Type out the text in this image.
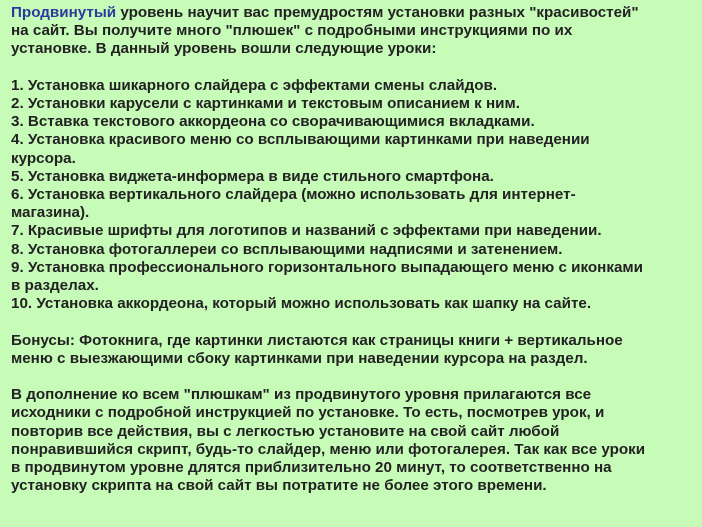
Продвинутый уровень научит вас премудростям установки разных "красивостей"

на сайт. Вы получите много "плюшек" с подробными инструкциями по их

установке. В данный уровень вошли следующие уроки:

1. Установка шикарного слайдера с эффектами смены слайдов.

2. Установки карусели с картинками и текстовым описанием к ним.

3. Вставка текстового аккордеона со сворачивающимися вкладками.

4. Установка красивого меню со всплывающими картинками при наведении

курсора.

5. Установка виджета-информера в виде стильного смартфона.

6. Установка вертикального слайдера (можно использовать для интернет-

магазина).

7. Красивые шрифты для логотипов и названий с эффектами при наведении.

8. Установка фотогаллереи со всплывающими надписями и затенением.

9. Установка профессионального горизонтального выпадающего меню с иконками

в разделах.

10. Установка аккордеона, который можно использовать как шапку на сайте.

Бонусы: Фотокнига, где картинки листаются как страницы книги + вертикальное

меню с выезжающими сбоку картинками при наведении курсора на раздел.

В дополнение ко всем "плюшкам" из продвинутого уровня прилагаются все

исходники с подробной инструкцией по установке. То есть, посмотрев урок, и

повторив все действия, вы с легкостью установите на свой сайт любой

понравившийся скрипт, будь-то слайдер, меню или фотогалерея. Так как все уроки

в продвинутом уровне длятся приблизительно 20 минут, то соответственно на

установку скрипта на свой сайт вы потратите не более этого времени.
